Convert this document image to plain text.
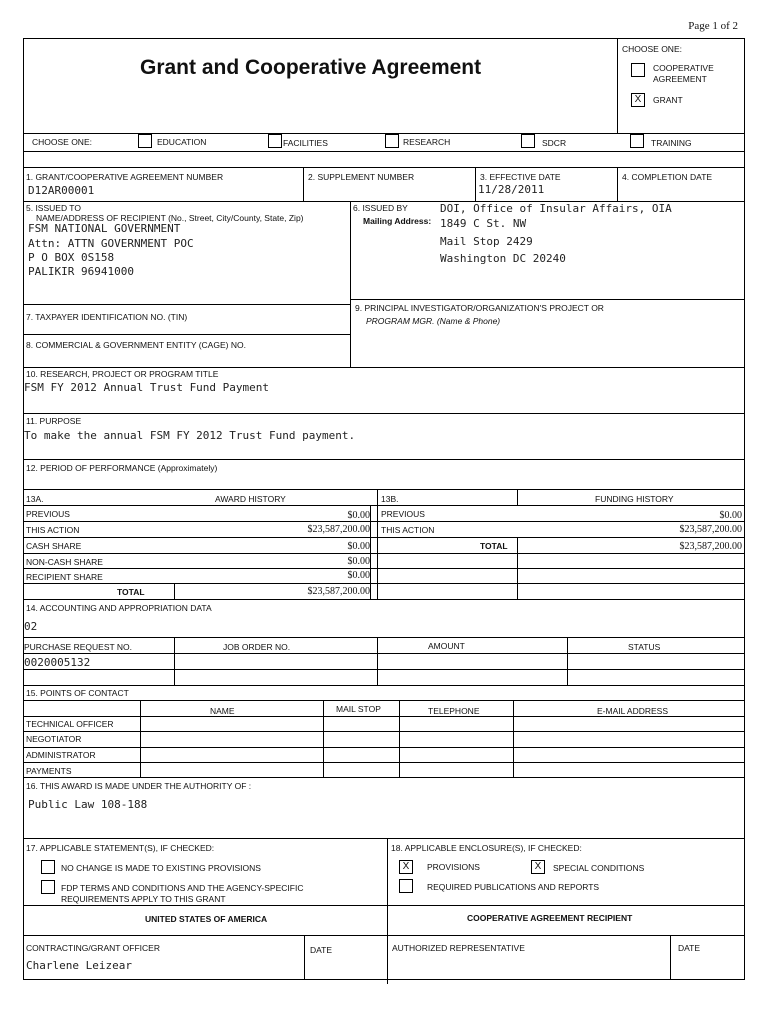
Page 1 of 2
Grant and Cooperative Agreement
CHOOSE ONE:
COOPERATIVE
AGREEMENT
X	GRANT
CHOOSE ONE:	EDUCATION	FACILITIES	RESEARCH	SDCR	TRAINING
1. GRANT/COOPERATIVE AGREEMENT NUMBER
D12AR00001
2. SUPPLEMENT NUMBER	3. EFFECTIVE DATE
11/28/2011
4. COMPLETION DATE
5. ISSUED TO
NAME/ADDRESS OF RECIPIENT (No., Street, City/County, State, Zip)
FSM NATIONAL GOVERNMENT
Attn: ATTN GOVERNMENT POC
P O BOX 0S158
PALIKIR 96941000
6. ISSUED BY
Mailing Address:
DOI, Office of Insular Affairs, OIA
1849 C St. NW
Mail Stop 2429
Washington DC 20240
7. TAXPAYER IDENTIFICATION NO. (TIN)
8. COMMERCIAL & GOVERNMENT ENTITY (CAGE) NO.
9. PRINCIPAL INVESTIGATOR/ORGANIZATION'S PROJECT OR
PROGRAM MGR. (Name & Phone)
10. RESEARCH, PROJECT OR PROGRAM TITLE
FSM FY 2012 Annual Trust Fund Payment
11. PURPOSE
To make the annual FSM FY 2012 Trust Fund payment.
12. PERIOD OF PERFORMANCE (Approximately)
13A.	AWARD HISTORY	13B.	FUNDING HISTORY
PREVIOUS	$0.00
THIS ACTION	$23,587,200.00
CASH SHARE	$0.00
NON-CASH SHARE	$0.00
RECIPIENT SHARE	$0.00
TOTAL	$23,587,200.00
PREVIOUS	$0.00
THIS ACTION	$23,587,200.00
TOTAL	$23,587,200.00
14. ACCOUNTING AND APPROPRIATION DATA
02
PURCHASE REQUEST NO.	JOB ORDER NO.	AMOUNT	STATUS
0020005132
15. POINTS OF CONTACT
NAME	MAIL STOP	TELEPHONE	E-MAIL ADDRESS
TECHNICAL OFFICER
NEGOTIATOR
ADMINISTRATOR
PAYMENTS
16. THIS AWARD IS MADE UNDER THE AUTHORITY OF :
Public Law 108-188
17. APPLICABLE STATEMENT(S), IF CHECKED:
NO CHANGE IS MADE TO EXISTING PROVISIONS
FDP TERMS AND CONDITIONS AND THE AGENCY-SPECIFIC
REQUIREMENTS APPLY TO THIS GRANT
18. APPLICABLE ENCLOSURE(S), IF CHECKED:
X	PROVISIONS	X	SPECIAL CONDITIONS
REQUIRED PUBLICATIONS AND REPORTS
UNITED STATES OF AMERICA	COOPERATIVE AGREEMENT RECIPIENT
CONTRACTING/GRANT OFFICER
Charlene Leizear
DATE	AUTHORIZED REPRESENTATIVE	DATE
